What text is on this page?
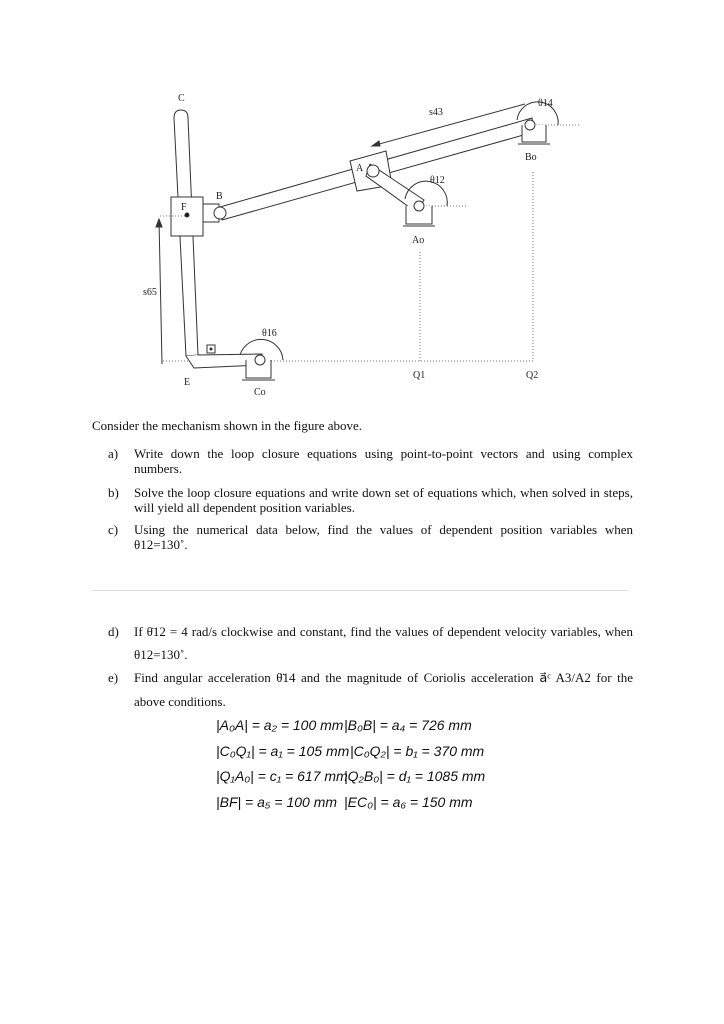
C
B
F
A
E
s43
θ14
θ12
θ16
s65
Bo
Ao
Co
Q1	Q2
Consider the mechanism shown in the figure above.
a) Write down the loop closure equations using point-to-point vectors and using complex numbers.
b) Solve the loop closure equations and write down set of equations which, when solved in steps, will yield all dependent position variables.
c) Using the numerical data below, find the values of dependent position variables when θ12=130˚.
d) If θ̇12 = 4 rad/s clockwise and constant, find the values of dependent velocity variables, when θ12=130˚.
e) Find angular acceleration θ̈14 and the magnitude of Coriolis acceleration a⃗ᶜ A3/A2 for the above conditions.
|A₀A| = a₂ = 100 mm |B₀B| = a₄ = 726 mm
|C₀Q₁| = a₁ = 105 mm |C₀Q₂| = b₁ = 370 mm
|Q₁A₀| = c₁ = 617 mm
|Q₂B₀| = d₁ = 1085 mm
|BF| = a₅ = 100 mm |EC₀| = a₆ = 150 mm
